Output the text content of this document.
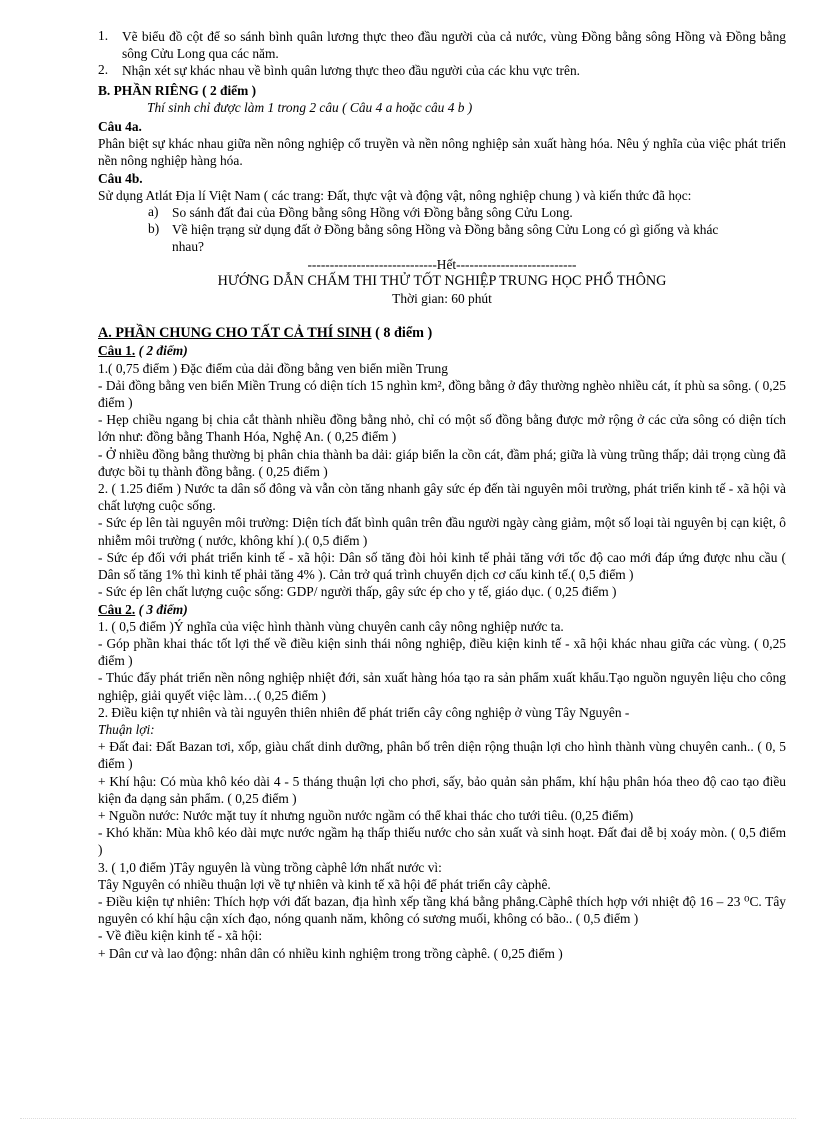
1.	Vẽ biểu đồ cột để so sánh bình quân lương thực theo đầu người của cả nước, vùng Đồng bằng sông Hồng và Đồng bằng sông Cửu Long qua các năm.

2.	Nhận xét sự khác nhau về bình quân lương thực theo đầu người của các khu vực trên.

B. PHẦN RIÊNG ( 2 điểm )

Thí sinh chỉ được làm 1 trong 2 câu ( Câu 4 a hoặc câu 4 b )

Câu 4a.

Phân biệt sự khác nhau giữa nền nông nghiệp cổ truyền và nền nông nghiệp sản xuất hàng hóa. Nêu ý nghĩa của việc phát triển nền nông nghiệp hàng hóa.

Câu 4b.

Sử dụng Atlát Địa lí Việt Nam ( các trang: Đất, thực vật và động vật, nông nghiệp chung ) và kiến thức đã học:

a)	So sánh đất đai của Đồng bằng sông Hồng với Đồng bằng sông Cửu Long.

b) Về hiện trạng sử dụng đất ở Đồng bằng sông Hồng và Đồng bằng sông Cửu Long có gì giống và khác nhau?

-----------------------------Hết---------------------------

HƯỚNG DẪN CHẤM THI THỬ TỐT NGHIỆP TRUNG HỌC PHỔ THÔNG

Thời gian: 60 phút

A. PHẦN CHUNG CHO TẤT CẢ THÍ SINH ( 8 điểm )

Câu 1. ( 2 điểm)

1.( 0,75 điểm ) Đặc điểm của dải đồng bằng ven biển miền Trung

- Dải đồng bằng ven biển Miền Trung có diện tích 15 nghìn km², đồng bằng ở đây thường nghèo nhiều cát, ít phù sa sông. ( 0,25 điểm )

- Hẹp chiều ngang bị chia cắt thành nhiều đồng bằng nhỏ, chỉ có một số đồng bằng được mở rộng ở các cửa sông có diện tích lớn như: đồng bằng Thanh Hóa, Nghệ An. ( 0,25 điểm )

- Ở nhiều đồng bằng thường bị phân chia thành ba dải: giáp biển la cồn cát, đầm phá; giữa là vùng trũng thấp; dải trọng cùng đã được bồi tụ thành đồng bằng. ( 0,25 điểm )

2. ( 1.25 điểm ) Nước ta dân số đông và vẫn còn tăng nhanh gây sức ép đến tài nguyên môi trường, phát triển kinh tế - xã hội và chất lượng cuộc sống.

- Sức ép lên tài nguyên môi trường: Diện tích đất bình quân trên đầu người ngày càng giảm, một số loại tài nguyên bị cạn kiệt, ô nhiễm môi trường ( nước, không khí ).( 0,5 điểm )

- Sức ép đối với phát triển kinh tế - xã hội: Dân số tăng đòi hỏi kinh tế phải tăng với tốc độ cao mới đáp ứng được nhu cầu ( Dân số tăng 1% thì kinh tế phải tăng 4% ). Cản trở quá trình chuyển dịch cơ cấu kinh tế.( 0,5 điểm )

- Sức ép lên chất lượng cuộc sống: GDP/ người thấp, gây sức ép cho y tế, giáo dục. ( 0,25 điểm )

Câu 2. ( 3 điểm)

1. ( 0,5 điểm )Ý nghĩa của việc hình thành vùng chuyên canh cây nông nghiệp nước ta.

- Góp phần khai thác tốt lợi thế về điều kiện sinh thái nông nghiệp, điều kiện kinh tế - xã hội khác nhau giữa các vùng. ( 0,25 điểm )

- Thúc đẩy phát triển nền nông nghiệp nhiệt đới, sản xuất hàng hóa tạo ra sản phẩm xuất khẩu.Tạo nguồn nguyên liệu cho công nghiệp, giải quyết việc làm…( 0,25 điểm )

2. Điều kiện tự nhiên và tài nguyên thiên nhiên để phát triển cây công nghiệp ở vùng Tây Nguyên -

Thuận lợi:

+ Đất đai: Đất Bazan tơi, xốp, giàu chất dinh dưỡng, phân bố trên diện rộng thuận lợi cho hình thành vùng chuyên canh.. ( 0, 5 điểm )

+ Khí hậu: Có mùa khô kéo dài 4 - 5 tháng thuận lợi cho phơi, sấy, bảo quản sản phẩm, khí hậu phân hóa theo độ cao tạo điều kiện đa dạng sản phẩm. ( 0,25 điểm )

+ Nguồn nước: Nước mặt tuy ít nhưng nguồn nước ngầm có thể khai thác cho tưới tiêu. (0,25 điểm)

- Khó khăn: Mùa khô kéo dài mực nước ngầm hạ thấp thiếu nước cho sản xuất và sinh hoạt. Đất đai dễ bị xoáy mòn. ( 0,5 điểm )

3. ( 1,0 điểm )Tây nguyên là vùng trồng càphê lớn nhất nước vì:

Tây Nguyên có nhiều thuận lợi về tự nhiên và kinh tế xã hội để phát triển cây càphê.

- Điều kiện tự nhiên: Thích hợp với đất bazan, địa hình xếp tầng khá bằng phẳng.Càphê thích hợp với nhiệt độ 16 – 23 ⁰C. Tây nguyên có khí hậu cận xích đạo, nóng quanh năm, không có sương muối, không có bão.. ( 0,5 điểm )

- Về điều kiện kinh tế - xã hội:

+ Dân cư và lao động: nhân dân có nhiều kinh nghiệm trong trồng càphê. ( 0,25 điểm )
